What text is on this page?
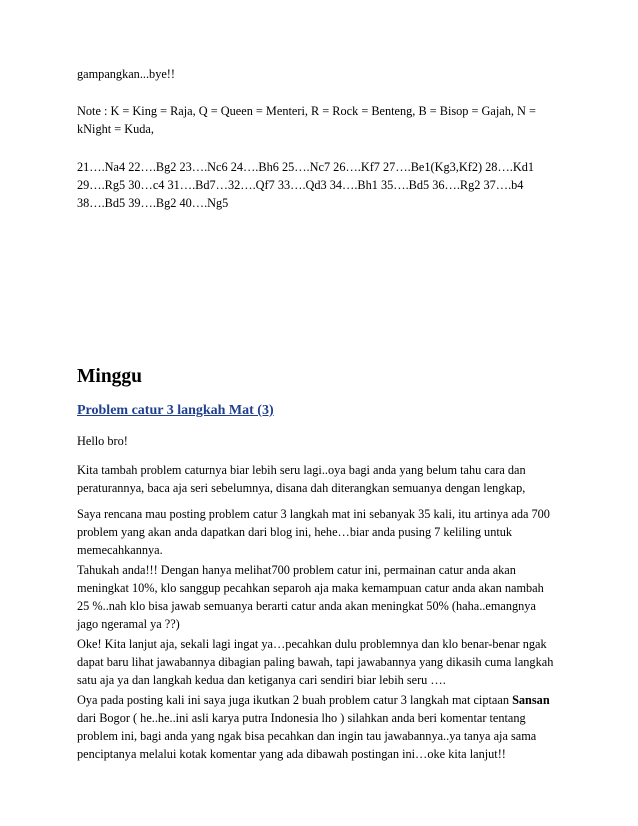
gampangkan...bye!!

Note : K = King = Raja, Q = Queen = Menteri, R = Rock = Benteng, B = Bisop = Gajah, N =
kNight = Kuda,

21….Na4 22….Bg2 23….Nc6 24….Bh6 25….Nc7 26….Kf7 27….Be1(Kg3,Kf2) 28….Kd1
29….Rg5 30…c4 31….Bd7…32….Qf7 33….Qd3 34….Bh1 35….Bd5 36….Rg2 37….b4
38….Bd5 39….Bg2 40….Ng5

Minggu
Problem catur 3 langkah Mat (3)

Hello bro!

Kita tambah problem caturnya biar lebih seru lagi..oya bagi anda yang belum tahu cara dan
peraturannya, baca aja seri sebelumnya, disana dah diterangkan semuanya dengan lengkap,

Saya rencana mau posting problem catur 3 langkah mat ini sebanyak 35 kali, itu artinya ada 700
problem yang akan anda dapatkan dari blog ini, hehe…biar anda pusing 7 keliling untuk
memecahkannya.

Tahukah anda!!! Dengan hanya melihat700 problem catur ini, permainan catur anda akan
meningkat 10%, klo sanggup pecahkan separoh aja maka kemampuan catur anda akan nambah
25 %..nah klo bisa jawab semuanya berarti catur anda akan meningkat 50% (haha..emangnya
jago ngeramal ya ??)

Oke! Kita lanjut aja, sekali lagi ingat ya…pecahkan dulu problemnya dan klo benar-benar ngak
dapat baru lihat jawabannya dibagian paling bawah, tapi jawabannya yang dikasih cuma langkah
satu aja ya dan langkah kedua dan ketiganya cari sendiri biar lebih seru ….

Oya pada posting kali ini saya juga ikutkan 2 buah problem catur 3 langkah mat ciptaan Sansan
dari Bogor ( he..he..ini asli karya putra Indonesia lho ) silahkan anda beri komentar tentang
problem ini, bagi anda yang ngak bisa pecahkan dan ingin tau jawabannya..ya tanya aja sama
penciptanya melalui kotak komentar yang ada dibawah postingan ini…oke kita lanjut!!
